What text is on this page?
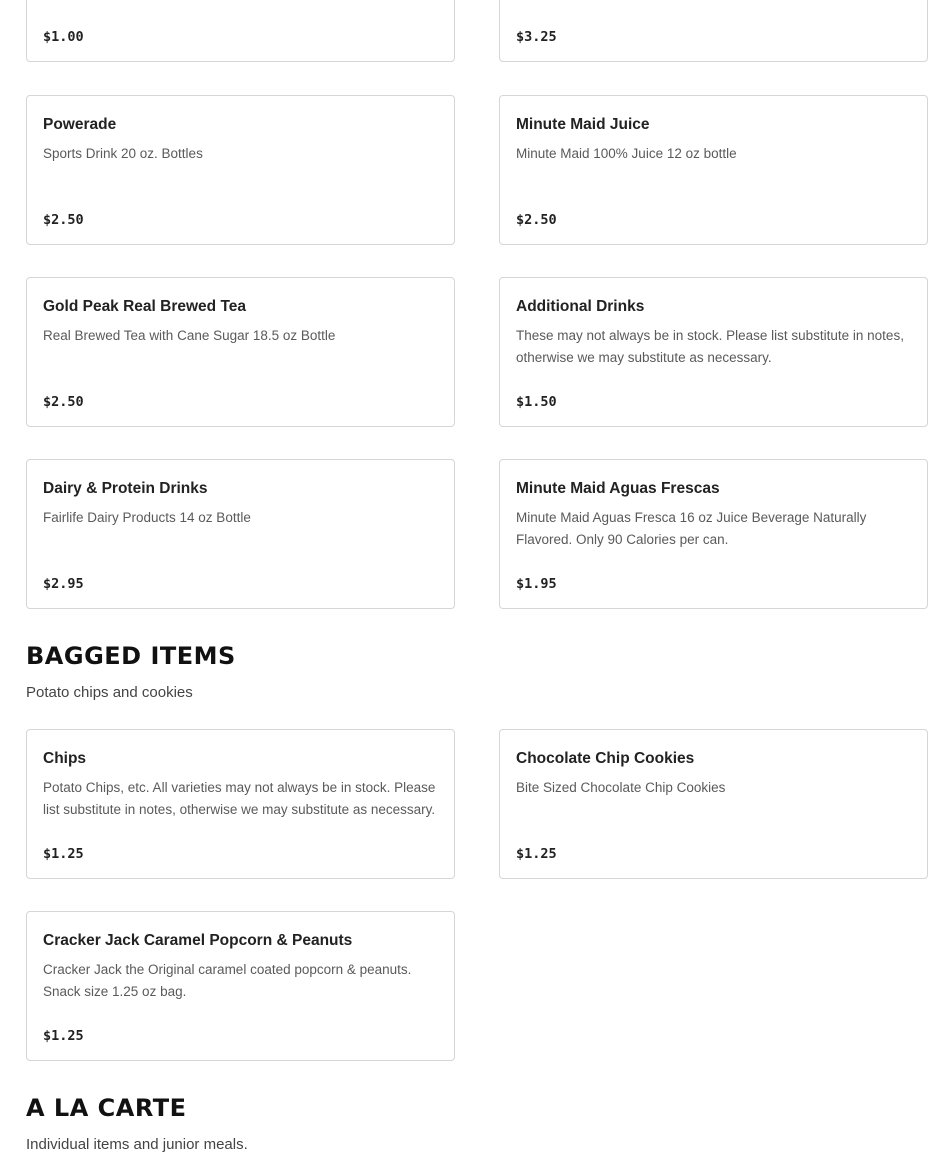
$1.00	$3.25
Powerade
Sports Drink 20 oz. Bottles
$2.50
Minute Maid Juice
Minute Maid 100% Juice 12 oz bottle
$2.50
Gold Peak Real Brewed Tea
Real Brewed Tea with Cane Sugar 18.5 oz Bottle
$2.50
Additional Drinks
These may not always be in stock. Please list substitute in notes, otherwise we may substitute as necessary.
$1.50
Dairy & Protein Drinks
Fairlife Dairy Products 14 oz Bottle
$2.95
Minute Maid Aguas Frescas
Minute Maid Aguas Fresca 16 oz Juice Beverage Naturally Flavored. Only 90 Calories per can.
$1.95
BAGGED ITEMS
Potato chips and cookies
Chips
Potato Chips, etc. All varieties may not always be in stock. Please list substitute in notes, otherwise we may substitute as necessary.
$1.25
Chocolate Chip Cookies
Bite Sized Chocolate Chip Cookies
$1.25
Cracker Jack Caramel Popcorn & Peanuts
Cracker Jack the Original caramel coated popcorn & peanuts. Snack size 1.25 oz bag.
$1.25
A LA CARTE
Individual items and junior meals.
